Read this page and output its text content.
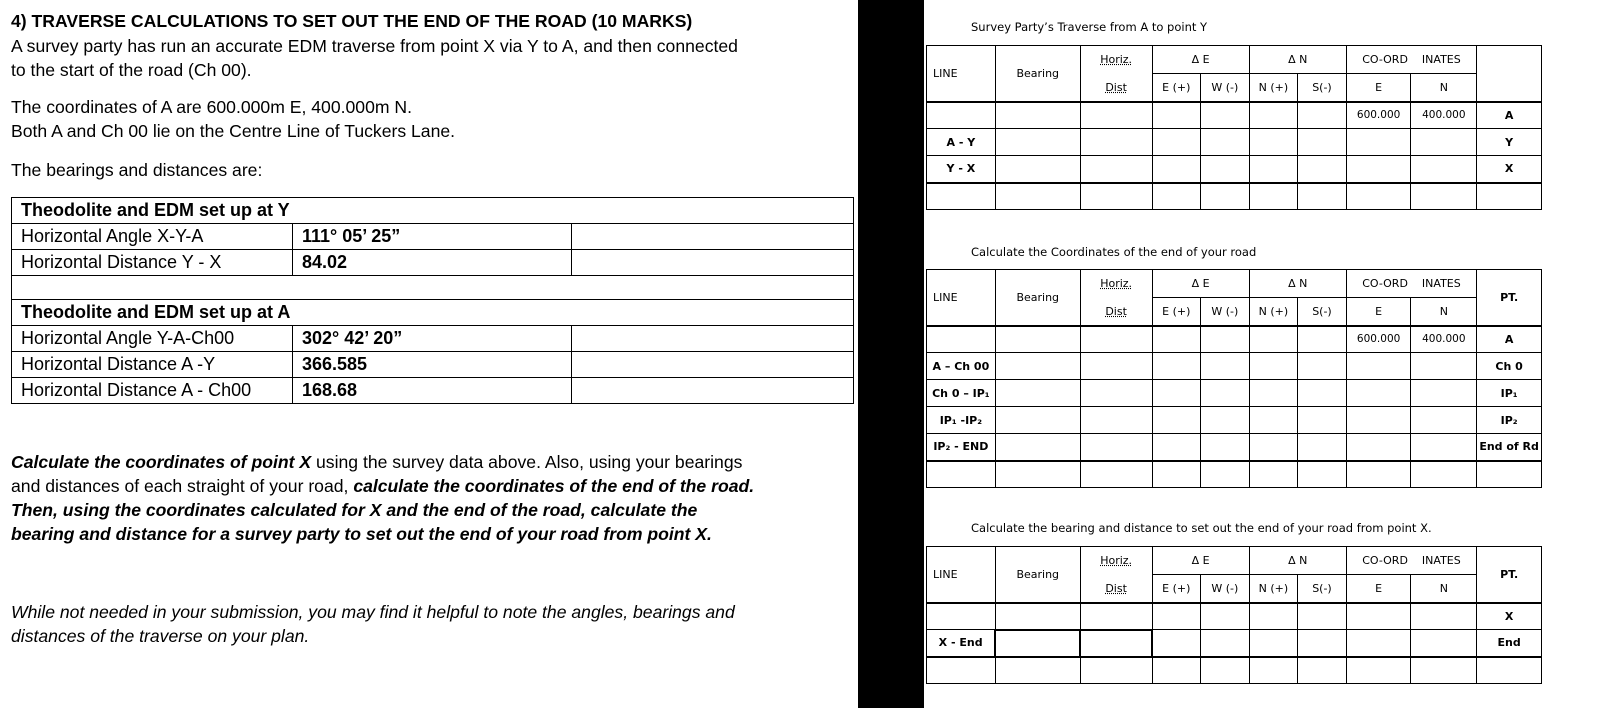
4) TRAVERSE CALCULATIONS TO SET OUT THE END OF THE ROAD (10 MARKS)
A survey party has run an accurate EDM traverse from point X via Y to A, and then connected
to the start of the road (Ch 00).
The coordinates of A are 600.000m E, 400.000m N.
Both A and Ch 00 lie on the Centre Line of Tuckers Lane.
The bearings and distances are:
Theodolite and EDM set up at Y		
Horizontal Angle X-Y-A	111° 05’ 25”	
Horizontal Distance Y - X	84.02	

Theodolite and EDM set up at A		
Horizontal Angle Y-A-Ch00	302° 42’ 20”	
Horizontal Distance A -Y	366.585	
Horizontal Distance A - Ch00	168.68	
Calculate the coordinates of point X using the survey data above. Also, using your bearings
and distances of each straight of your road, calculate the coordinates of the end of the road.
Then, using the coordinates calculated for X and the end of the road, calculate the
bearing and distance for a survey party to set out the end of your road from point X.
While not needed in your submission, you may find it helpful to note the angles, bearings and
distances of the traverse on your plan.
Survey Party’s Traverse from A to point Y
LINE	Bearing	Horiz.	Δ E		Δ N		CO-ORD INATES		

		Dist	E (+)	W (-)	N (+)	S(-)	E	N	
							600.000	400.000	A
A - Y									Y
Y - X									X

Calculate the Coordinates of the end of your road
LINE	Bearing	Horiz.	Δ E		Δ N		CO-ORD INATES		PT.
		Dist	E (+)	W (-)	N (+)	S(-)	E	N	
							600.000	400.000	A
A – Ch 00									Ch 0
Ch 0 – IP₁									IP₁
IP₁ -IP₂									IP₂
IP₂ - END									End of Rd

Calculate the bearing and distance to set out the end of your road from point X.
LINE	Bearing	Horiz.	Δ E		Δ N		CO-ORD INATES		PT.
		Dist	E (+)	W (-)	N (+)	S(-)	E	N	
									X
X - End									End
